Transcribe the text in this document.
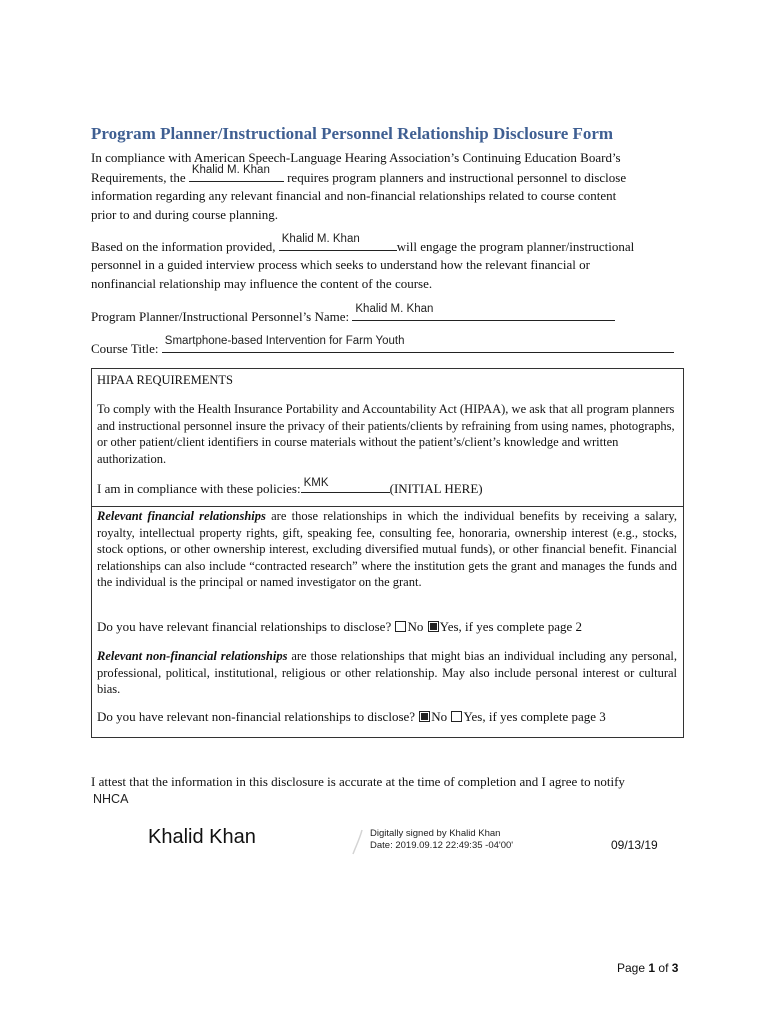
Program Planner/Instructional Personnel Relationship Disclosure Form
In compliance with American Speech-Language Hearing Association’s Continuing Education Board’s
Requirements, the Khalid M. Khan requires program planners and instructional personnel to disclose
information regarding any relevant financial and non-financial relationships related to course content
prior to and during course planning.
Based on the information provided, Khalid M. Khan	will engage the program planner/instructional
personnel in a guided interview process which seeks to understand how the relevant financial or
nonfinancial relationship may influence the content of the course.
Program Planner/Instructional Personnel’s Name: Khalid M. Khan
Course Title: Smartphone-based Intervention for Farm Youth
HIPAA REQUIREMENTS
To comply with the Health Insurance Portability and Accountability Act (HIPAA), we ask that all program planners and instructional personnel insure the privacy of their patients/clients by refraining from using names, photographs, or other patient/client identifiers in course materials without the patient’s/client’s knowledge and written authorization.
I am in compliance with these policies: KMK	(INITIAL HERE)
Relevant financial relationships are those relationships in which the individual benefits by receiving a salary, royalty, intellectual property rights, gift, speaking fee, consulting fee, honoraria, ownership interest (e.g., stocks, stock options, or other ownership interest, excluding diversified mutual funds), or other financial benefit. Financial relationships can also include “contracted research” where the institution gets the grant and manages the funds and the individual is the principal or named investigator on the grant.
Do you have relevant financial relationships to disclose? No Yes, if yes complete page 2
Relevant non-financial relationships are those relationships that might bias an individual including any personal, professional, political, institutional, religious or other relationship. May also include personal interest or cultural bias.
Do you have relevant non-financial relationships to disclose? No Yes, if yes complete page 3
I attest that the information in this disclosure is accurate at the time of completion and I agree to notify
NHCA
Khalid Khan	Digitally signed by Khalid Khan
Date: 2019.09.12 22:49:35 -04'00'	09/13/19
Page 1 of 3
